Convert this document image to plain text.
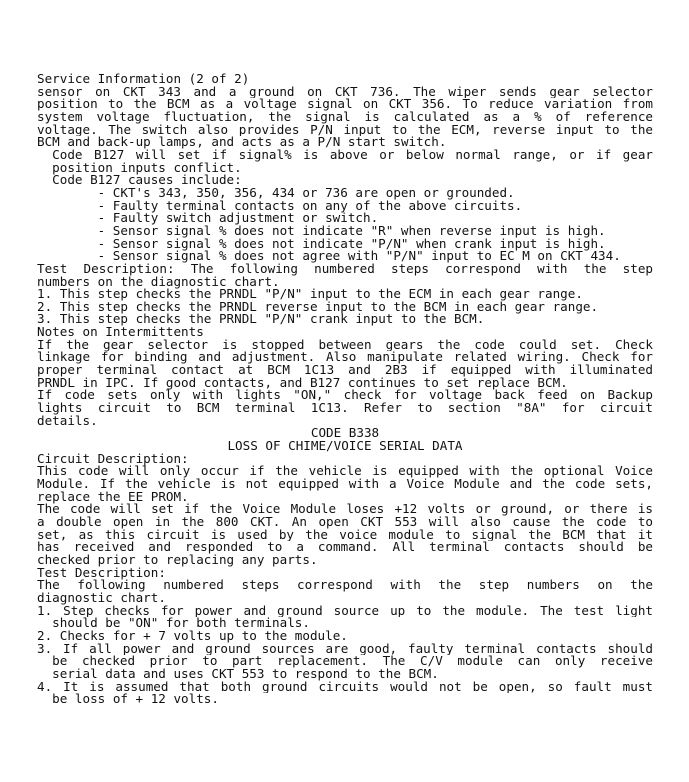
Service Information (2 of 2)
sensor on CKT 343 and a ground on CKT 736. The wiper sends gear selector
position to the BCM as a voltage signal on CKT 356. To reduce variation from
system voltage fluctuation, the signal is calculated as a % of reference
voltage. The switch also provides P/N input to the ECM, reverse input to the
BCM and back-up lamps, and acts as a P/N start switch.
Code B127 will set if signal% is above or below normal range, or if gear
position inputs conflict.
Code B127 causes include:
- CKT's 343, 350, 356, 434 or 736 are open or grounded.
- Faulty terminal contacts on any of the above circuits.
- Faulty switch adjustment or switch.
- Sensor signal % does not indicate "R" when reverse input is high.
- Sensor signal % does not indicate "P/N" when crank input is high.
- Sensor signal % does not agree with "P/N" input to EC M on CKT 434.
Test Description: The following numbered steps correspond with the step
numbers on the diagnostic chart.
1. This step checks the PRNDL "P/N" input to the ECM in each gear range.
2. This step checks the PRNDL reverse input to the BCM in each gear range.
3. This step checks the PRNDL "P/N" crank input to the BCM.
Notes on Intermittents
If the gear selector is stopped between gears the code could set. Check
linkage for binding and adjustment. Also manipulate related wiring. Check for
proper terminal contact at BCM 1C13 and 2B3 if equipped with illuminated
PRNDL in IPC. If good contacts, and B127 continues to set replace BCM.
If code sets only with lights "ON," check for voltage back feed on Backup
lights circuit to BCM terminal 1C13. Refer to section "8A" for circuit
details.
CODE B338
LOSS OF CHIME/VOICE SERIAL DATA
Circuit Description:
This code will only occur if the vehicle is equipped with the optional Voice
Module. If the vehicle is not equipped with a Voice Module and the code sets,
replace the EE PROM.
The code will set if the Voice Module loses +12 volts or ground, or there is
a double open in the 800 CKT. An open CKT 553 will also cause the code to
set, as this circuit is used by the voice module to signal the BCM that it
has received and responded to a command. All terminal contacts should be
checked prior to replacing any parts.
Test Description:
The following numbered steps correspond with the step numbers on the
diagnostic chart.
1. Step checks for power and ground source up to the module. The test light
should be "ON" for both terminals.
2. Checks for + 7 volts up to the module.
3. If all power and ground sources are good, faulty terminal contacts should
be checked prior to part replacement. The C/V module can only receive
serial data and uses CKT 553 to respond to the BCM.
4. It is assumed that both ground circuits would not be open, so fault must
be loss of + 12 volts.
